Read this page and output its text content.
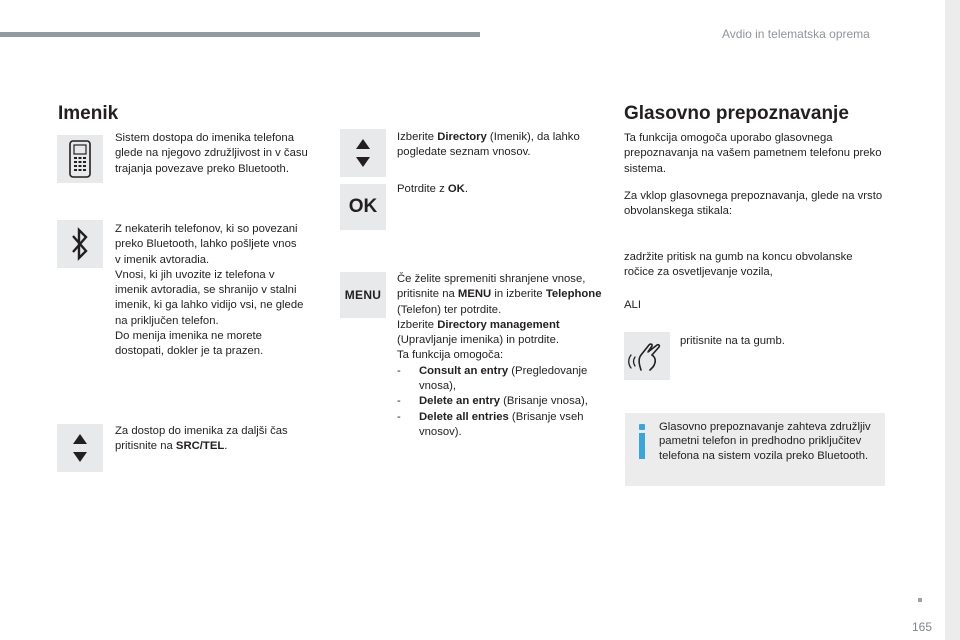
Avdio in telematska oprema
165
Imenik

Sistem dostopa do imenika telefona glede na njegovo združljivost in v času trajanja povezave preko Bluetooth.

Z nekaterih telefonov, ki so povezani
preko Bluetooth, lahko pošljete vnos
v imenik avtoradia.
Vnosi, ki jih uvozite iz telefona v
imenik avtoradia, se shranijo v stalni
imenik, ki ga lahko vidijo vsi, ne glede
na priključen telefon.
Do menija imenika ne morete
dostopati, dokler je ta prazen.

Za dostop do imenika za daljši čas pritisnite na SRC/TEL.

Izberite Directory (Imenik), da lahko pogledate seznam vnosov.

OK

Potrdite z OK.

MENU
Če želite spremeniti shranjene vnose, pritisnite na MENU in izberite Telephone (Telefon) ter potrdite.
Izberite Directory management (Upravljanje imenika) in potrdite.
Ta funkcija omogoča:
-	Consult an entry (Pregledovanje vnosa),
-	Delete an entry (Brisanje vnosa),
-	Delete all entries (Brisanje vseh vnosov).
Glasovno prepoznavanje

Ta funkcija omogoča uporabo glasovnega prepoznavanja na vašem pametnem telefonu preko sistema.

Za vklop glasovnega prepoznavanja, glede na vrsto obvolanskega stikala:

zadržite pritisk na gumb na koncu obvolanske ročice za osvetljevanje vozila,

ALI

pritisnite na ta gumb.

Glasovno prepoznavanje zahteva združljiv pametni telefon in predhodno priključitev telefona na sistem vozila preko Bluetooth.
